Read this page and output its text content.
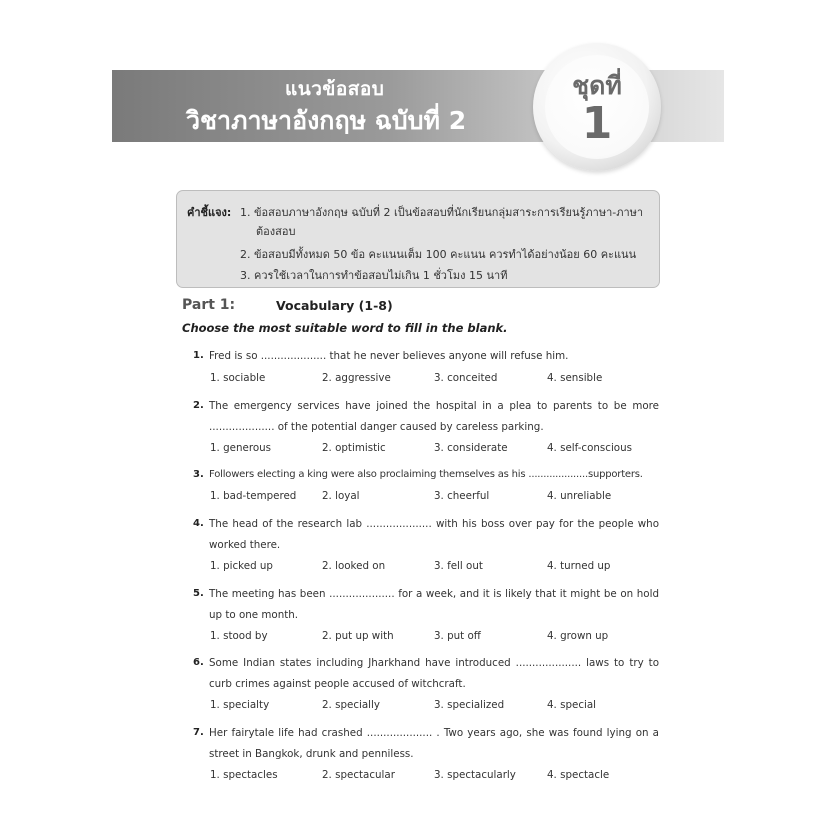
แนวข้อสอบ
วิชาภาษาอังกฤษ ฉบับที่ 2
ชุดที่
1
คำชี้แจง: 1. ข้อสอบภาษาอังกฤษ ฉบับที่ 2 เป็นข้อสอบที่นักเรียนกลุ่มสาระการเรียนรู้ภาษา-ภาษา
ต้องสอบ
2. ข้อสอบมีทั้งหมด 50 ข้อ คะแนนเต็ม 100 คะแนน ควรทำได้อย่างน้อย 60 คะแนน
3. ควรใช้เวลาในการทำข้อสอบไม่เกิน 1 ชั่วโมง 15 นาที
Part 1:	Vocabulary (1-8)
Choose the most suitable word to fill in the blank.
1. Fred is so .................... that he never believes anyone will refuse him.
1. sociable	2. aggressive	3. conceited	4. sensible
2. The emergency services have joined the hospital in a plea to parents to be more
.................... of the potential danger caused by careless parking.
1. generous	2. optimistic	3. considerate	4. self-conscious
3. Followers electing a king were also proclaiming themselves as his ....................supporters.
1. bad-tempered 2. loyal	3. cheerful	4. unreliable
4. The head of the research lab .................... with his boss over pay for the people who
worked there.
1. picked up	2. looked on	3. fell out	4. turned up
5. The meeting has been .................... for a week, and it is likely that it might be on hold
up to one month.
1. stood by	2. put up with	3. put off	4. grown up
6. Some Indian states including Jharkhand have introduced .................... laws to try to
curb crimes against people accused of witchcraft.
1. specialty	2. specially	3. specialized	4. special
7. Her fairytale life had crashed .................... . Two years ago, she was found lying on a
street in Bangkok, drunk and penniless.
1. spectacles	2. spectacular	3. spectacularly	4. spectacle
